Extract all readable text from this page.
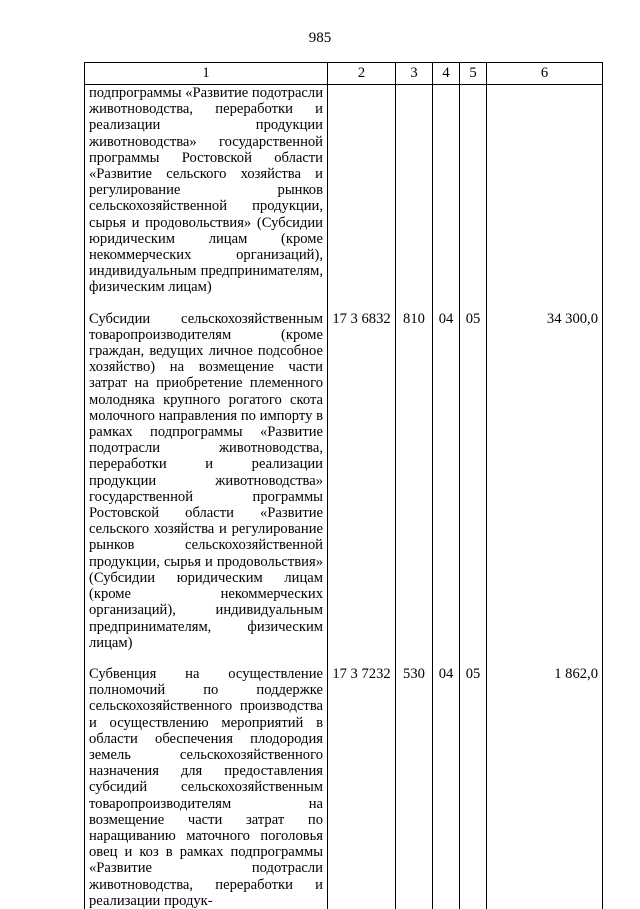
985
1	2	3	4	5	6
подпрограммы «Развитие подотрасли животноводства, переработки и реализации продукции животноводства» государственной программы Ростовской области «Развитие сельского хозяйства и регулирование рынков сельскохозяйственной продукции, сырья и продовольствия» (Субсидии юридическим лицам (кроме некоммерческих организаций), индивидуальным предпринимателям, физическим лицам)					
Субсидии сельскохозяйственным товаропроизводителям (кроме граждан, ведущих личное подсобное хозяйство) на возмещение части затрат на приобретение племенного молодняка крупного рогатого скота молочного направления по импорту в рамках подпрограммы «Развитие подотрасли животноводства, переработки и реализации продукции животноводства» государственной программы Ростовской области «Развитие сельского хозяйства и регулирование рынков сельскохозяйственной продукции, сырья и продовольствия» (Субсидии юридическим лицам (кроме некоммерческих организаций), индивидуальным предпринимателям, физическим лицам)	17 3 6832	810	04	05	34 300,0
Субвенция на осуществление полномочий по поддержке сельскохозяйственного производства и осуществлению мероприятий в области обеспечения плодородия земель сельскохозяйственного назначения для предоставления субсидий сельскохозяйственным товаропроизводителям на возмещение части затрат по наращиванию маточного поголовья овец и коз в рамках подпрограммы «Развитие подотрасли животноводства, переработки и реализации продук-	17 3 7232	530	04	05	1 862,0
